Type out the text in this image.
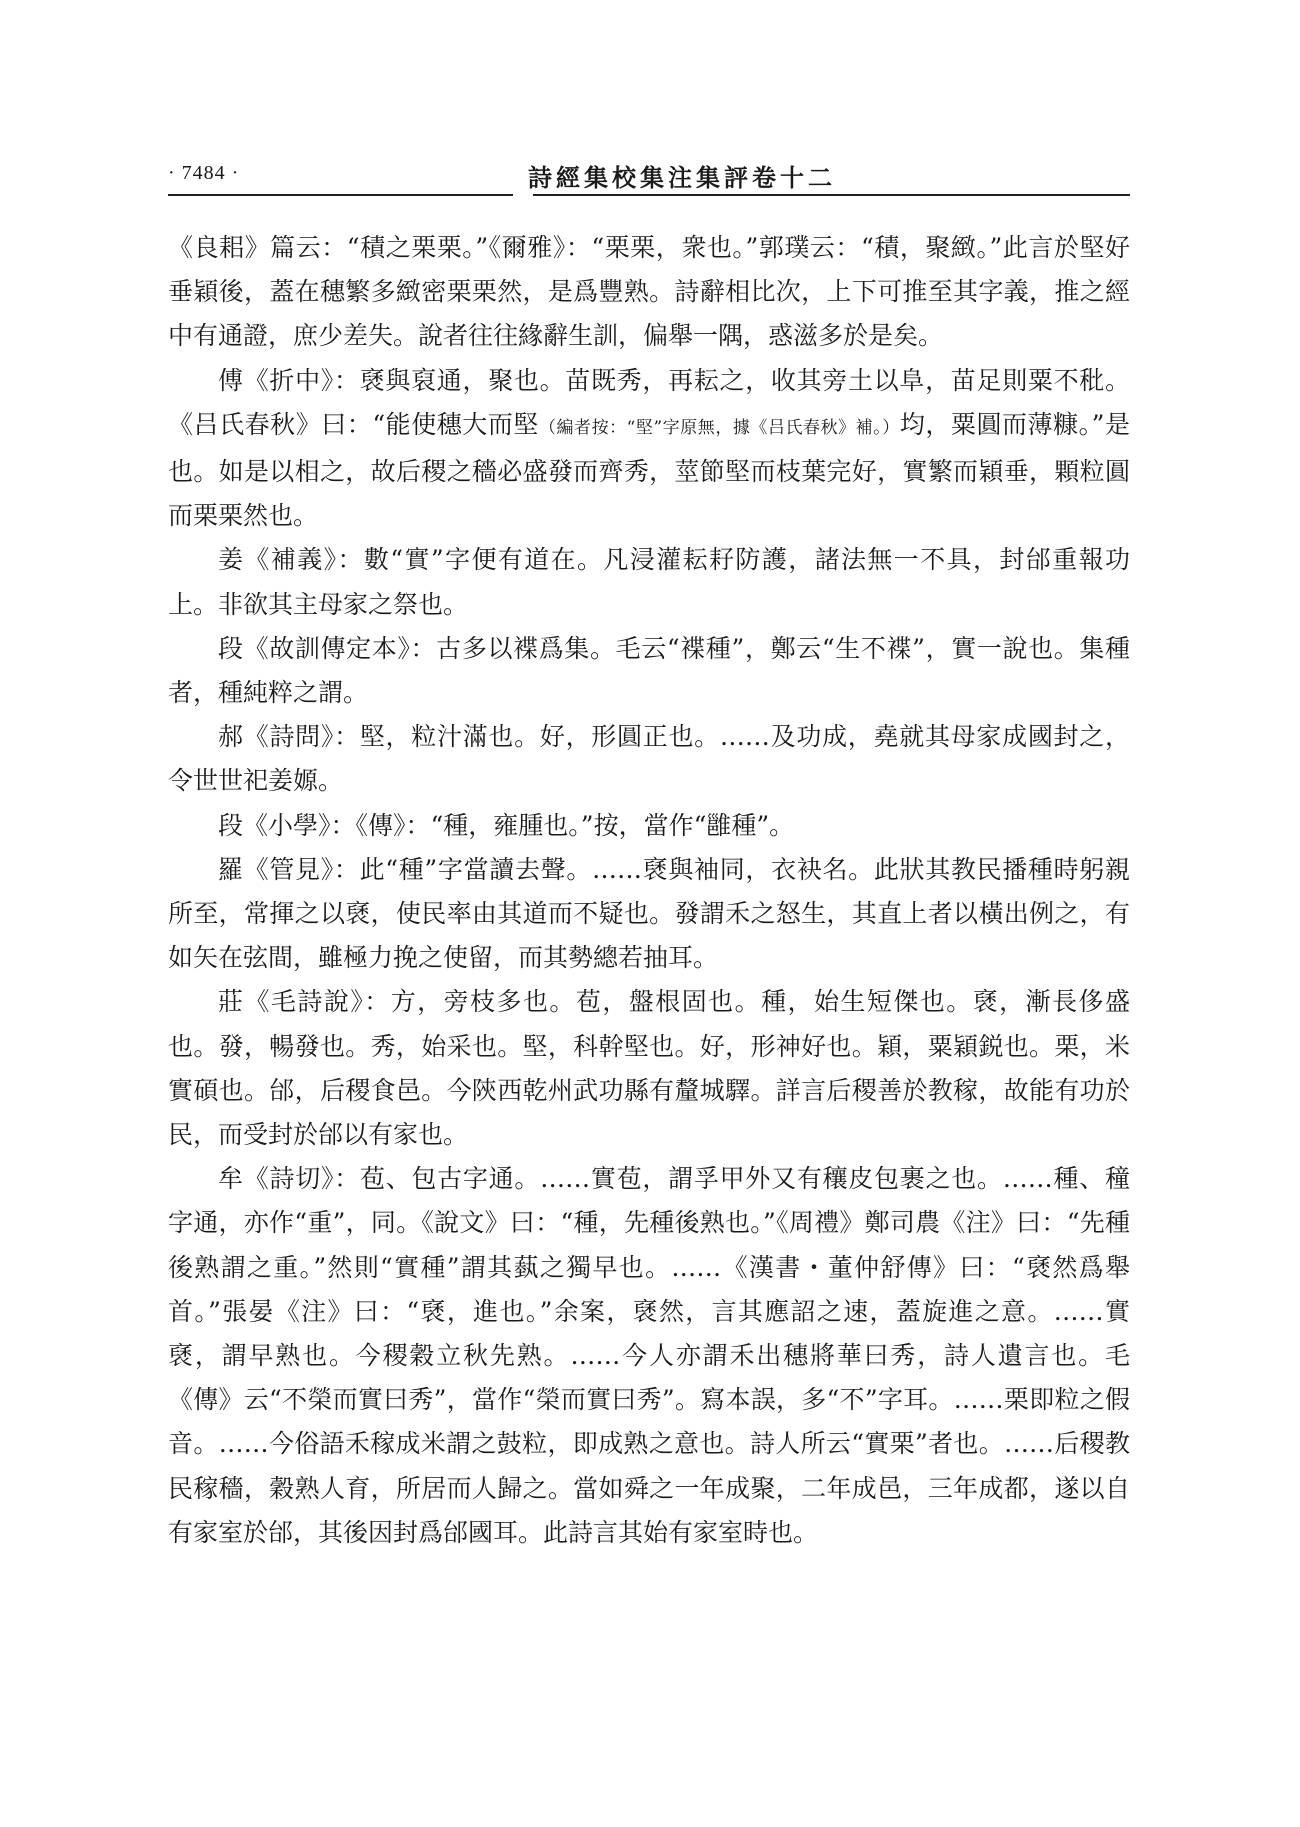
· 7484 ·	詩經集校集注集評卷十二

《良耜》篇云：“積之栗栗。”《爾雅》：“栗栗，衆也。”郭璞云：“積，聚緻。”此言於堅好垂穎後，蓋在穗繁多緻密栗栗然，是爲豐熟。詩辭相比次，上下可推至其字義，推之經中有通證，庶少差失。說者往往緣辭生訓，偏舉一隅，惑滋多於是矣。

傅《折中》：褎與裒通，聚也。苗既秀，再耘之，收其旁土以阜，苗足則粟不秕。《吕氏春秋》曰：“能使穗大而堅（編者按：“堅”字原無，據《吕氏春秋》補。）均，粟圓而薄糠。”是也。如是以相之，故后稷之穡必盛發而齊秀，莖節堅而枝葉完好，實繁而穎垂，顆粒圓而栗栗然也。

姜《補義》：數“實”字便有道在。凡浸灌耘耔防護，諸法無一不具，封邰重報功上。非欲其主母家之祭也。

段《故訓傳定本》：古多以褋爲集。毛云“褋種”，鄭云“生不褋”，實一說也。集種者，種純粹之謂。

郝《詩問》：堅，粒汁滿也。好，形圓正也。……及功成，堯就其母家成國封之，令世世祀姜嫄。

段《小學》：《傳》：“種，雍腫也。”按，當作“雝種”。

羅《管見》：此“種”字當讀去聲。……褎與袖同，衣袂名。此狀其教民播種時躬親所至，常揮之以褎，使民率由其道而不疑也。發謂禾之怒生，其直上者以橫出例之，有如矢在弦間，雖極力挽之使留，而其勢總若抽耳。

莊《毛詩說》：方，旁枝多也。苞，盤根固也。種，始生短傑也。褎，漸長侈盛也。發，暢發也。秀，始采也。堅，科幹堅也。好，形神好也。穎，粟穎鋭也。栗，米實碩也。邰，后稷食邑。今陝西乾州武功縣有釐城驛。詳言后稷善於教稼，故能有功於民，而受封於邰以有家也。

牟《詩切》：苞、包古字通。……實苞，謂孚甲外又有穰皮包裹之也。……種、穜字通，亦作“重”，同。《說文》曰：“種，先種後熟也。”《周禮》鄭司農《注》曰：“先種後熟謂之重。”然則“實種”謂其蓺之獨早也。……《漢書・董仲舒傳》曰：“褎然爲舉首。”張晏《注》曰：“褎，進也。”余案，褎然，言其應詔之速，蓋旋進之意。……實褎，謂早熟也。今稷穀立秋先熟。……今人亦謂禾出穗將華曰秀，詩人遺言也。毛《傳》云“不榮而實曰秀”，當作“榮而實曰秀”。寫本誤，多“不”字耳。……栗即粒之假音。……今俗語禾稼成米謂之鼓粒，即成熟之意也。詩人所云“實栗”者也。……后稷教民稼穡，穀熟人育，所居而人歸之。當如舜之一年成聚，二年成邑，三年成都，遂以自有家室於邰，其後因封爲邰國耳。此詩言其始有家室時也。
